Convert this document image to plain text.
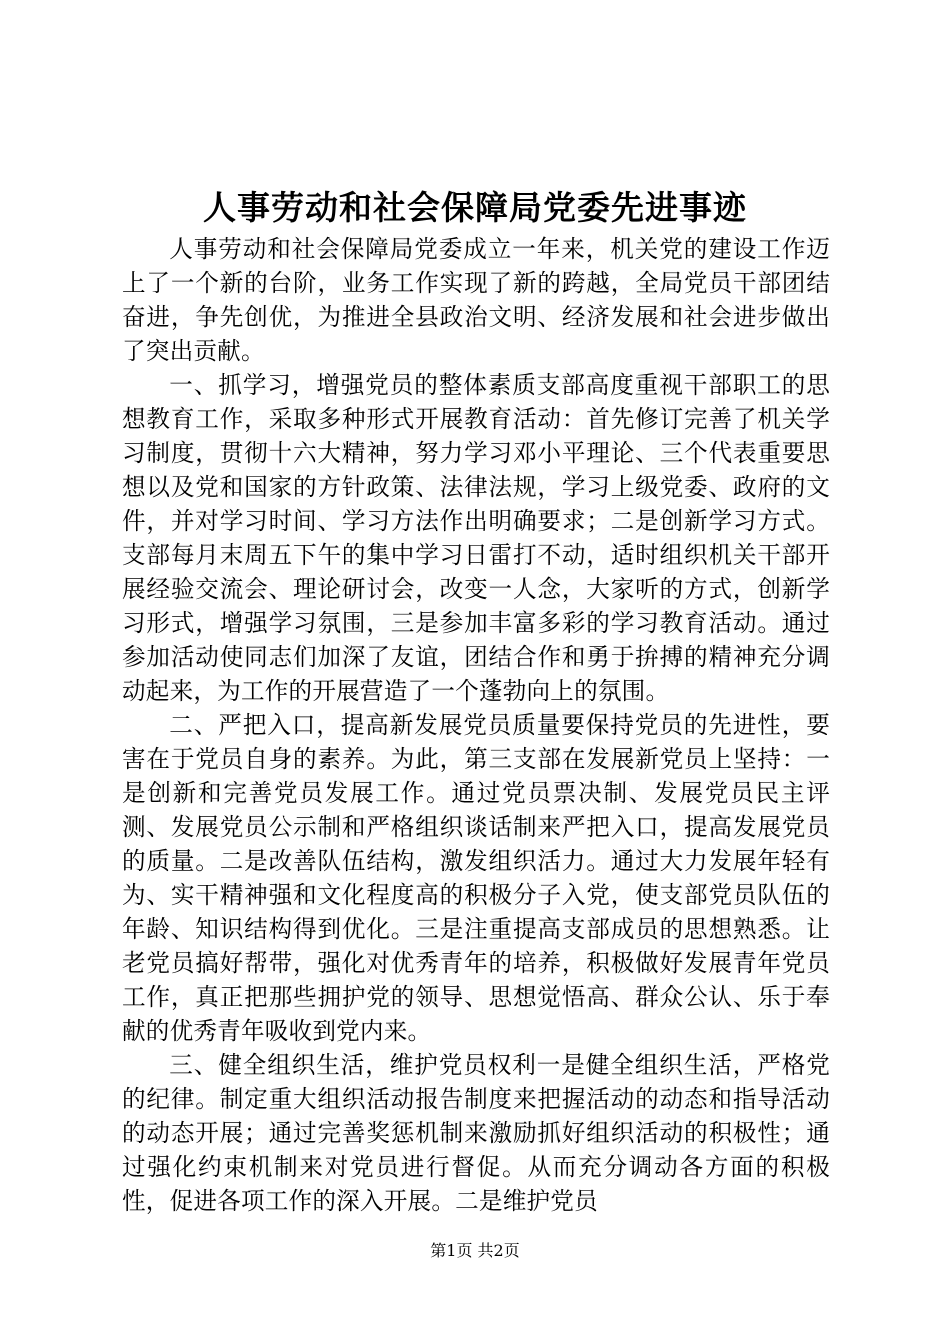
人事劳动和社会保障局党委先进事迹

人事劳动和社会保障局党委成立一年来，机关党的建设工作迈上了一个新的台阶，业务工作实现了新的跨越，全局党员干部团结奋进，争先创优，为推进全县政治文明、经济发展和社会进步做出了突出贡献。

一、抓学习，增强党员的整体素质支部高度重视干部职工的思想教育工作，采取多种形式开展教育活动：首先修订完善了机关学习制度，贯彻十六大精神，努力学习邓小平理论、三个代表重要思想以及党和国家的方针政策、法律法规，学习上级党委、政府的文件，并对学习时间、学习方法作出明确要求；二是创新学习方式。支部每月末周五下午的集中学习日雷打不动，适时组织机关干部开展经验交流会、理论研讨会，改变一人念，大家听的方式，创新学习形式，增强学习氛围，三是参加丰富多彩的学习教育活动。通过参加活动使同志们加深了友谊，团结合作和勇于拚搏的精神充分调动起来，为工作的开展营造了一个蓬勃向上的氛围。

二、严把入口，提高新发展党员质量要保持党员的先进性，要害在于党员自身的素养。为此，第三支部在发展新党员上坚持：一是创新和完善党员发展工作。通过党员票决制、发展党员民主评测、发展党员公示制和严格组织谈话制来严把入口，提高发展党员的质量。二是改善队伍结构，激发组织活力。通过大力发展年轻有为、实干精神强和文化程度高的积极分子入党，使支部党员队伍的年龄、知识结构得到优化。三是注重提高支部成员的思想熟悉。让老党员搞好帮带，强化对优秀青年的培养，积极做好发展青年党员工作，真正把那些拥护党的领导、思想觉悟高、群众公认、乐于奉献的优秀青年吸收到党内来。

三、健全组织生活，维护党员权利一是健全组织生活，严格党的纪律。制定重大组织活动报告制度来把握活动的动态和指导活动的动态开展；通过完善奖惩机制来激励抓好组织活动的积极性；通过强化约束机制来对党员进行督促。从而充分调动各方面的积极性，促进各项工作的深入开展。二是维护党员

第1页 共2页
